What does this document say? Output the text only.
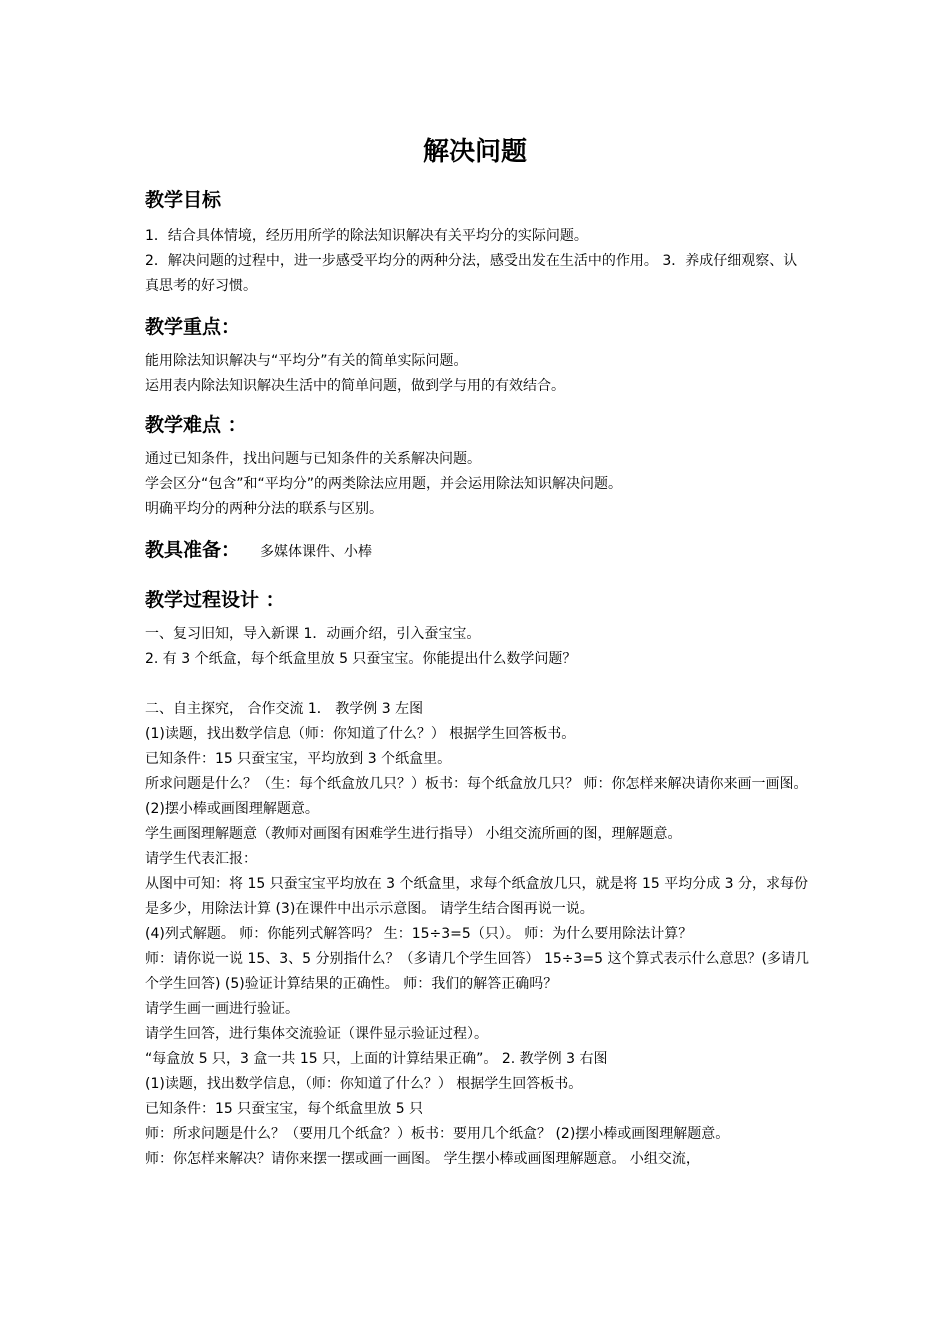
解决问题
教学目标

1．结合具体情境，经历用所学的除法知识解决有关平均分的实际问题。

2．解决问题的过程中，进一步感受平均分的两种分法，感受出发在生活中的作用。 3．养成仔细观察、认真思考的好习惯。

教学重点：

能用除法知识解决与“平均分”有关的简单实际问题。

运用表内除法知识解决生活中的简单问题，做到学与用的有效结合。

教学难点 ：

通过已知条件，找出问题与已知条件的关系解决问题。

学会区分“包含”和“平均分”的两类除法应用题，并会运用除法知识解决问题。

明确平均分的两种分法的联系与区别。

教具准备： 多媒体课件、小棒
教学过程设计 ：

一、复习旧知，导入新课 1．动画介绍，引入蚕宝宝。

2. 有 3 个纸盒，每个纸盒里放 5 只蚕宝宝。你能提出什么数学问题？

二、自主探究， 合作交流 1． 教学例 3 左图

(1)读题，找出数学信息（师：你知道了什么？） 根据学生回答板书。

已知条件：15 只蚕宝宝，平均放到 3 个纸盒里。

所求问题是什么？（生：每个纸盒放几只？）板书：每个纸盒放几只？ 师：你怎样来解决请你来画一画图。

(2)摆小棒或画图理解题意。

学生画图理解题意（教师对画图有困难学生进行指导） 小组交流所画的图，理解题意。

请学生代表汇报：

从图中可知：将 15 只蚕宝宝平均放在 3 个纸盒里，求每个纸盒放几只，就是将 15 平均分成 3 分，求每份是多少，用除法计算 (3)在课件中出示示意图。 请学生结合图再说一说。

(4)列式解题。 师：你能列式解答吗？ 生：15÷3=5（只）。 师：为什么要用除法计算？

师：请你说一说 15、3、5 分别指什么？（多请几个学生回答） 15÷3=5 这个算式表示什么意思？(多请几个学生回答) (5)验证计算结果的正确性。 师：我们的解答正确吗？

请学生画一画进行验证。

请学生回答，进行集体交流验证（课件显示验证过程）。

“每盒放 5 只，3 盒一共 15 只，上面的计算结果正确”。 2. 教学例 3 右图

(1)读题，找出数学信息，（师：你知道了什么？） 根据学生回答板书。

已知条件：15 只蚕宝宝，每个纸盒里放 5 只

师：所求问题是什么？（要用几个纸盒？）板书：要用几个纸盒？ (2)摆小棒或画图理解题意。

师：你怎样来解决？请你来摆一摆或画一画图。 学生摆小棒或画图理解题意。 小组交流，
